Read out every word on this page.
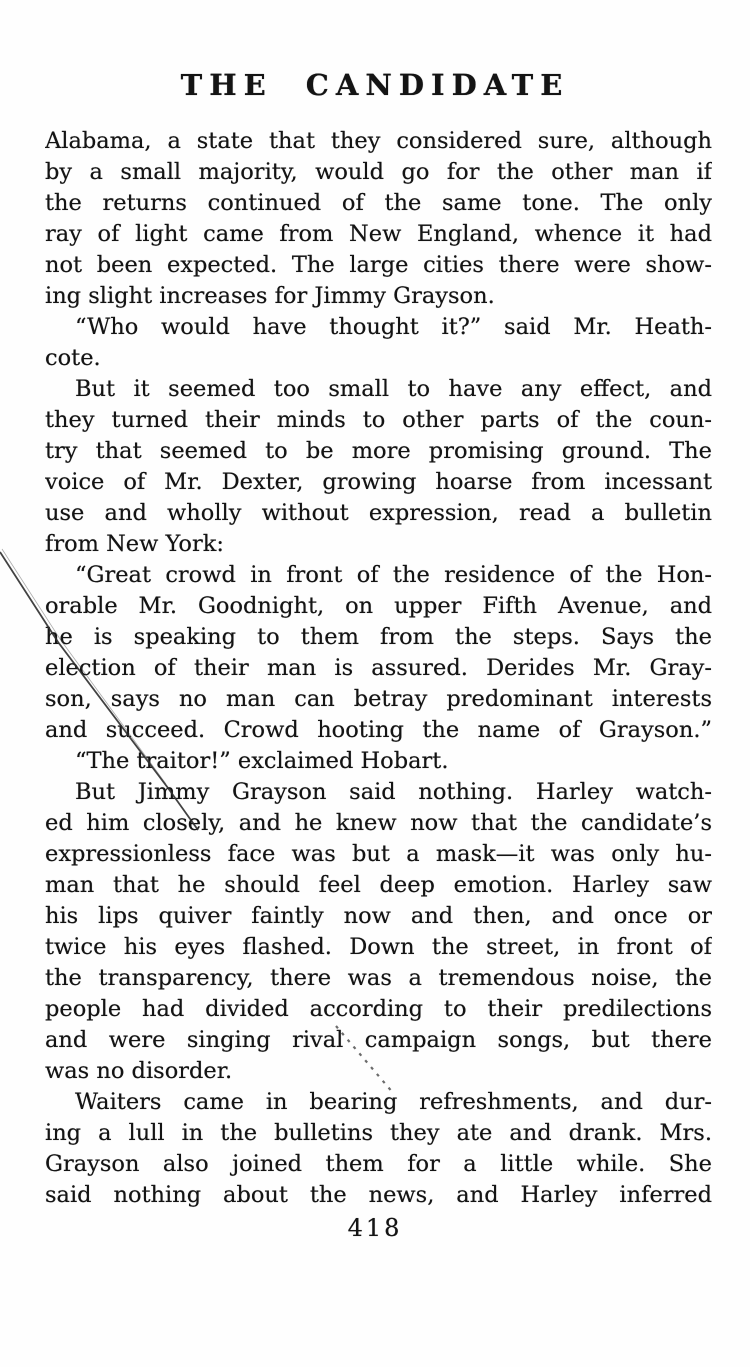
THE CANDIDATE
Alabama, a state that they considered sure, although
by a small majority, would go for the other man if
the returns continued of the same tone. The only
ray of light came from New England, whence it had
not been expected. The large cities there were show-
ing slight increases for Jimmy Grayson.
“Who would have thought it?” said Mr. Heath-
cote.
But it seemed too small to have any effect, and
they turned their minds to other parts of the coun-
try that seemed to be more promising ground. The
voice of Mr. Dexter, growing hoarse from incessant
use and wholly without expression, read a bulletin
from New York:
“Great crowd in front of the residence of the Hon-
orable Mr. Goodnight, on upper Fifth Avenue, and
he is speaking to them from the steps. Says the
election of their man is assured. Derides Mr. Gray-
son, says no man can betray predominant interests
and succeed. Crowd hooting the name of Grayson.”
“The traitor!” exclaimed Hobart.
But Jimmy Grayson said nothing. Harley watch-
ed him closely, and he knew now that the candidate’s
expressionless face was but a mask—it was only hu-
man that he should feel deep emotion. Harley saw
his lips quiver faintly now and then, and once or
twice his eyes flashed. Down the street, in front of
the transparency, there was a tremendous noise, the
people had divided according to their predilections
and were singing rival campaign songs, but there
was no disorder.
Waiters came in bearing refreshments, and dur-
ing a lull in the bulletins they ate and drank. Mrs.
Grayson also joined them for a little while. She
said nothing about the news, and Harley inferred
418
